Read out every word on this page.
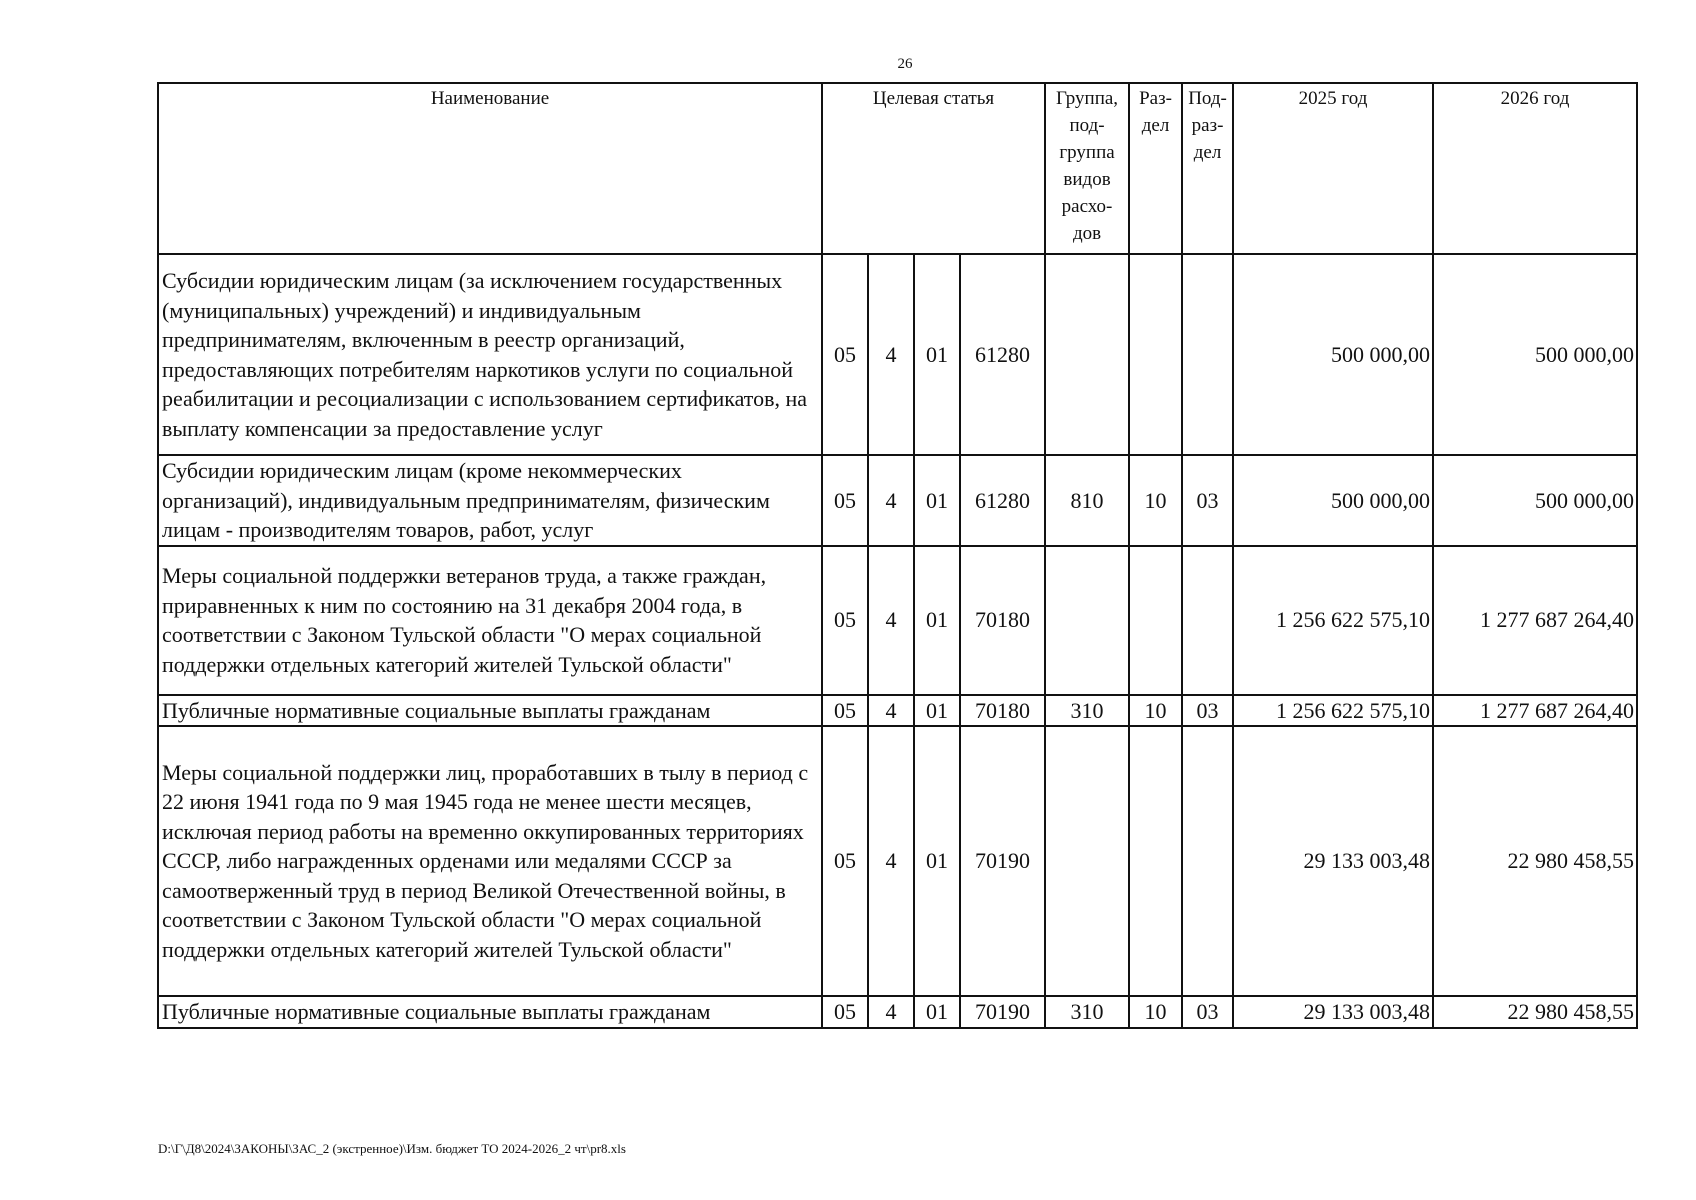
26
Наименование	Целевая статья				Группа, под- группа видов расхо- дов	Раз- дел	Под- раз- дел	2025 год	2026 год
Субсидии юридическим лицам (за исключением государственных (муниципальных) учреждений) и индивидуальным предпринимателям, включенным в реестр организаций, предоставляющих потребителям наркотиков услуги по социальной реабилитации и ресоциализации с использованием сертификатов, на выплату компенсации за предоставление услуг	05	4	01	61280				500 000,00	500 000,00
Субсидии юридическим лицам (кроме некоммерческих организаций), индивидуальным предпринимателям, физическим лицам - производителям товаров, работ, услуг	05	4	01	61280	810	10	03	500 000,00	500 000,00
Меры социальной поддержки ветеранов труда, а также граждан, приравненных к ним по состоянию на 31 декабря 2004 года, в соответствии с Законом Тульской области "О мерах социальной поддержки отдельных категорий жителей Тульской области"	05	4	01	70180				1 256 622 575,10	1 277 687 264,40
Публичные нормативные социальные выплаты гражданам	05	4	01	70180	310	10	03	1 256 622 575,10	1 277 687 264,40
Меры социальной поддержки лиц, проработавших в тылу в период с 22 июня 1941 года по 9 мая 1945 года не менее шести месяцев, исключая период работы на временно оккупированных территориях СССР, либо награжденных орденами или медалями СССР за самоотверженный труд в период Великой Отечественной войны, в соответствии с Законом Тульской области "О мерах социальной поддержки отдельных категорий жителей Тульской области"	05	4	01	70190				29 133 003,48	22 980 458,55
Публичные нормативные социальные выплаты гражданам	05	4	01	70190	310	10	03	29 133 003,48	22 980 458,55
D:\Г\Д8\2024\ЗАКОНЫ\ЗАС_2 (экстренное)\Изм. бюджет ТО 2024-2026_2 чт\pr8.xls
